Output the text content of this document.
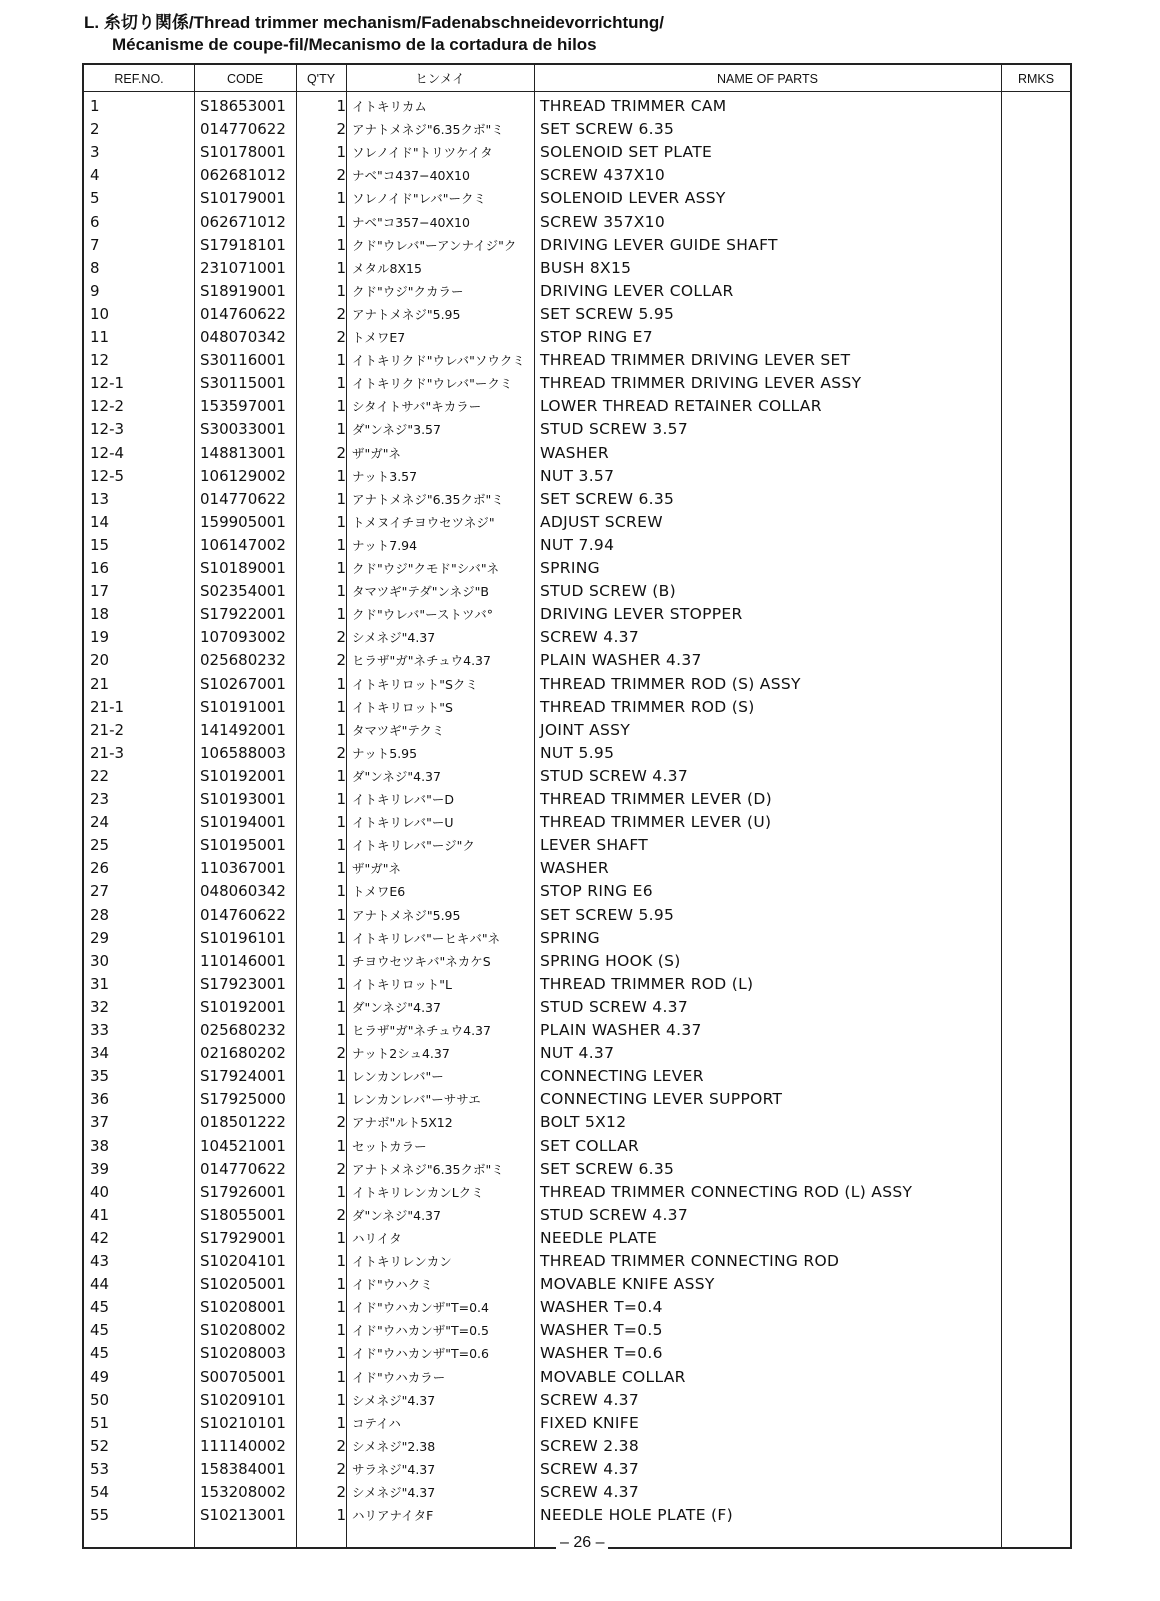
L. 糸切り関係/Thread trimmer mechanism/Fadenabschneidevorrichtung/
Mécanisme de coupe-fil/Mecanismo de la cortadura de hilos
REF.NO.	CODE	Q'TY	ヒンメイ	NAME OF PARTS	RMKS
1	S18653001	1 イトキリカム	THREAD TRIMMER CAM
2	014770622	2 アナトメネジ"6.35クボ"ミ	SET SCREW 6.35
3	S10178001	1 ソレノイド"トリツケイタ	SOLENOID SET PLATE
4	062681012	2 ナベ"コ437−40X10	SCREW 437X10
5	S10179001	1 ソレノイド"レバ"ークミ	SOLENOID LEVER ASSY
6	062671012	1 ナベ"コ357−40X10	SCREW 357X10
7	S17918101	1 クド"ウレバ"ーアンナイジ"ク	DRIVING LEVER GUIDE SHAFT
8	231071001	1 メタル8X15	BUSH 8X15
9	S18919001	1 クド"ウジ"クカラー	DRIVING LEVER COLLAR
10	014760622	2 アナトメネジ"5.95	SET SCREW 5.95
11	048070342	2 トメワE7	STOP RING E7
12	S30116001	1 イトキリクド"ウレバ"ソウクミ THREAD TRIMMER DRIVING LEVER SET
12-1	S30115001	1 イトキリクド"ウレバ"ークミ	THREAD TRIMMER DRIVING LEVER ASSY
12-2	153597001	1 シタイトサバ"キカラー	LOWER THREAD RETAINER COLLAR
12-3	S30033001	1 ダ"ンネジ"3.57	STUD SCREW 3.57
12-4	148813001	2 ザ"ガ"ネ	WASHER
12-5	106129002	1 ナット3.57	NUT 3.57
13	014770622	1 アナトメネジ"6.35クボ"ミ	SET SCREW 6.35
14	159905001	1 トメヌイチヨウセツネジ"	ADJUST SCREW
15	106147002	1 ナット7.94	NUT 7.94
16	S10189001	1 クド"ウジ"クモド"シバ"ネ	SPRING
17	S02354001	1 タマツギ"テダ"ンネジ"B	STUD SCREW (B)
18	S17922001	1 クド"ウレバ"ーストツバ°	DRIVING LEVER STOPPER
19	107093002	2 シメネジ"4.37	SCREW 4.37
20	025680232	2 ヒラザ"ガ"ネチュウ4.37	PLAIN WASHER 4.37
21	S10267001	1 イトキリロット"Sクミ	THREAD TRIMMER ROD (S) ASSY
21-1	S10191001	1 イトキリロット"S	THREAD TRIMMER ROD (S)
21-2	141492001	1 タマツギ"テクミ	JOINT ASSY
21-3	106588003	2 ナット5.95	NUT 5.95
22	S10192001	1 ダ"ンネジ"4.37	STUD SCREW 4.37
23	S10193001	1 イトキリレバ"ーD	THREAD TRIMMER LEVER (D)
24	S10194001	1 イトキリレバ"ーU	THREAD TRIMMER LEVER (U)
25	S10195001	1 イトキリレバ"ージ"ク	LEVER SHAFT
26	110367001	1 ザ"ガ"ネ	WASHER
27	048060342	1 トメワE6	STOP RING E6
28	014760622	1 アナトメネジ"5.95	SET SCREW 5.95
29	S10196101	1 イトキリレバ"ーヒキバ"ネ	SPRING
30	110146001	1 チヨウセツキバ"ネカケS	SPRING HOOK (S)
31	S17923001	1 イトキリロット"L	THREAD TRIMMER ROD (L)
32	S10192001	1 ダ"ンネジ"4.37	STUD SCREW 4.37
33	025680232	1 ヒラザ"ガ"ネチュウ4.37	PLAIN WASHER 4.37
34	021680202	2 ナット2シュ4.37	NUT 4.37
35	S17924001	1 レンカンレバ"ー	CONNECTING LEVER
36	S17925000	1 レンカンレバ"ーササエ	CONNECTING LEVER SUPPORT
37	018501222	2 アナボ"ルト5X12	BOLT 5X12
38	104521001	1 セットカラー	SET COLLAR
39	014770622	2 アナトメネジ"6.35クボ"ミ	SET SCREW 6.35
40	S17926001	1 イトキリレンカンLクミ	THREAD TRIMMER CONNECTING ROD (L) ASSY
41	S18055001	2 ダ"ンネジ"4.37	STUD SCREW 4.37
42	S17929001	1 ハリイタ	NEEDLE PLATE
43	S10204101	1 イトキリレンカン	THREAD TRIMMER CONNECTING ROD
44	S10205001	1 イド"ウハクミ	MOVABLE KNIFE ASSY
45	S10208001	1 イド"ウハカンザ"T=0.4	WASHER T=0.4
45	S10208002	1 イド"ウハカンザ"T=0.5	WASHER T=0.5
45	S10208003	1 イド"ウハカンザ"T=0.6	WASHER T=0.6
49	S00705001	1 イド"ウハカラー	MOVABLE COLLAR
50	S10209101	1 シメネジ"4.37	SCREW 4.37
51	S10210101	1 コテイハ	FIXED KNIFE
52	111140002	2 シメネジ"2.38	SCREW 2.38
53	158384001	2 サラネジ"4.37	SCREW 4.37
54	153208002	2 シメネジ"4.37	SCREW 4.37
55	S10213001	1 ハリアナイタF	NEEDLE HOLE PLATE (F)
– 26 –
